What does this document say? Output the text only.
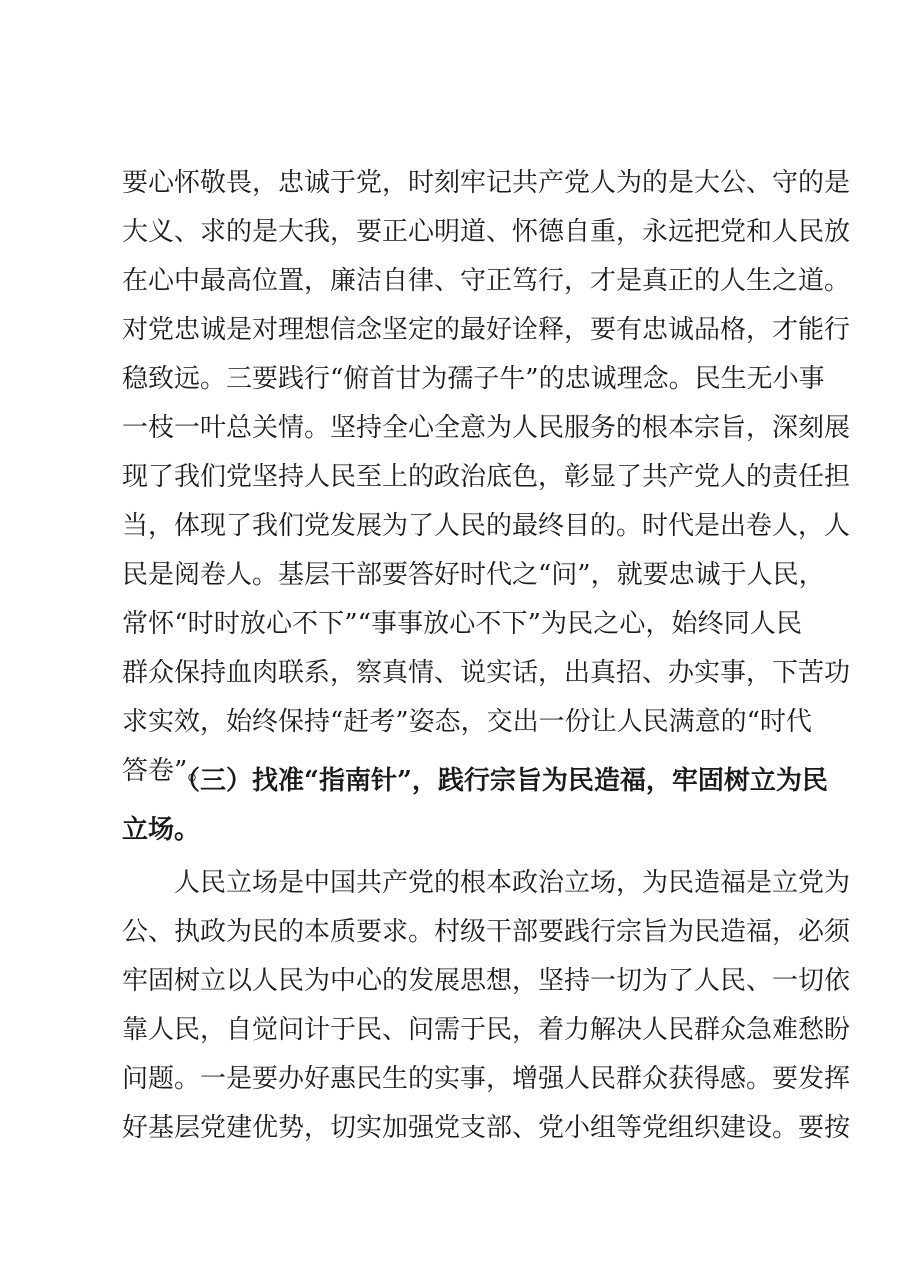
要心怀敬畏，忠诚于党，时刻牢记共产党人为的是大公、守的是
大义、求的是大我，要正心明道、怀德自重，永远把党和人民放
在心中最高位置，廉洁自律、守正笃行，才是真正的人生之道。
对党忠诚是对理想信念坚定的最好诠释，要有忠诚品格，才能行
稳致远。三要践行“俯首甘为孺子牛”的忠诚理念。民生无小事
一枝一叶总关情。坚持全心全意为人民服务的根本宗旨，深刻展
现了我们党坚持人民至上的政治底色，彰显了共产党人的责任担
当，体现了我们党发展为了人民的最终目的。时代是出卷人，人
民是阅卷人。基层干部要答好时代之“问”，就要忠诚于人民，
常怀“时时放心不下”“事事放心不下”为民之心，始终同人民
群众保持血肉联系，察真情、说实话，出真招、办实事，下苦功
求实效，始终保持“赶考”姿态，交出一份让人民满意的“时代
答卷”。
（三）找准“指南针”，践行宗旨为民造福，牢固树立为民
立场。
人民立场是中国共产党的根本政治立场，为民造福是立党为
公、执政为民的本质要求。村级干部要践行宗旨为民造福，必须
牢固树立以人民为中心的发展思想，坚持一切为了人民、一切依
靠人民，自觉问计于民、问需于民，着力解决人民群众急难愁盼
问题。一是要办好惠民生的实事，增强人民群众获得感。要发挥
好基层党建优势，切实加强党支部、党小组等党组织建设。要按
